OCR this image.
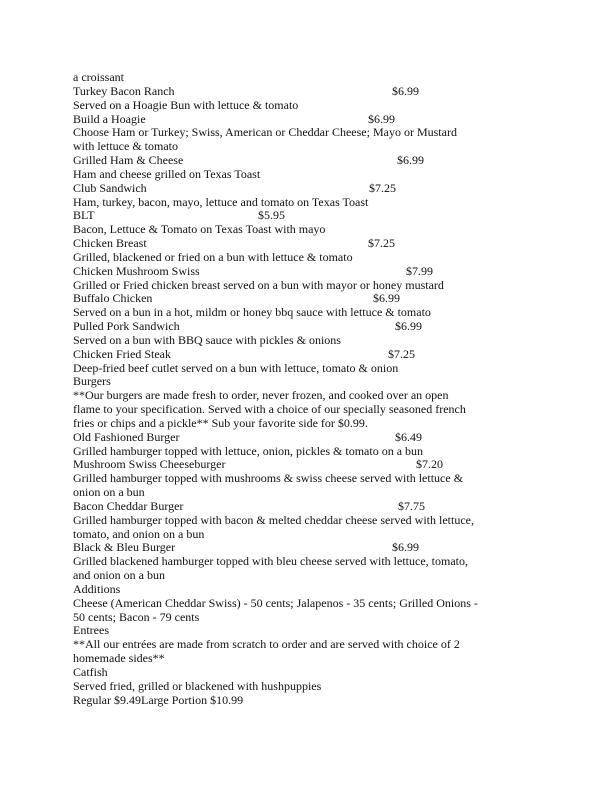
a croissant
Turkey Bacon Ranch	$6.99
Served on a Hoagie Bun with lettuce & tomato
Build a Hoagie	$6.99
Choose Ham or Turkey; Swiss, American or Cheddar Cheese; Mayo or Mustard
with lettuce & tomato
Grilled Ham & Cheese	$6.99
Ham and cheese grilled on Texas Toast
Club Sandwich	$7.25
Ham, turkey, bacon, mayo, lettuce and tomato on Texas Toast
BLT	$5.95
Bacon, Lettuce & Tomato on Texas Toast with mayo
Chicken Breast	$7.25
Grilled, blackened or fried on a bun with lettuce & tomato
Chicken Mushroom Swiss	$7.99
Grilled or Fried chicken breast served on a bun with mayor or honey mustard
Buffalo Chicken	$6.99
Served on a bun in a hot, mildm or honey bbq sauce with lettuce & tomato
Pulled Pork Sandwich	$6.99
Served on a bun with BBQ sauce with pickles & onions
Chicken Fried Steak	$7.25
Deep-fried beef cutlet served on a bun with lettuce, tomato & onion
Burgers
**Our burgers are made fresh to order, never frozen, and cooked over an open
flame to your specification. Served with a choice of our specially seasoned french
fries or chips and a pickle** Sub your favorite side for $0.99.
Old Fashioned Burger	$6.49
Grilled hamburger topped with lettuce, onion, pickles & tomato on a bun
Mushroom Swiss Cheeseburger	$7.20
Grilled hamburger topped with mushrooms & swiss cheese served with lettuce &
onion on a bun
Bacon Cheddar Burger	$7.75
Grilled hamburger topped with bacon & melted cheddar cheese served with lettuce,
tomato, and onion on a bun
Black & Bleu Burger	$6.99
Grilled blackened hamburger topped with bleu cheese served with lettuce, tomato,
and onion on a bun
Additions
Cheese (American Cheddar Swiss) - 50 cents; Jalapenos - 35 cents; Grilled Onions -
50 cents; Bacon - 79 cents
Entrees
**All our entrées are made from scratch to order and are served with choice of 2
homemade sides**
Catfish
Served fried, grilled or blackened with hushpuppies
Regular $9.49Large Portion $10.99
